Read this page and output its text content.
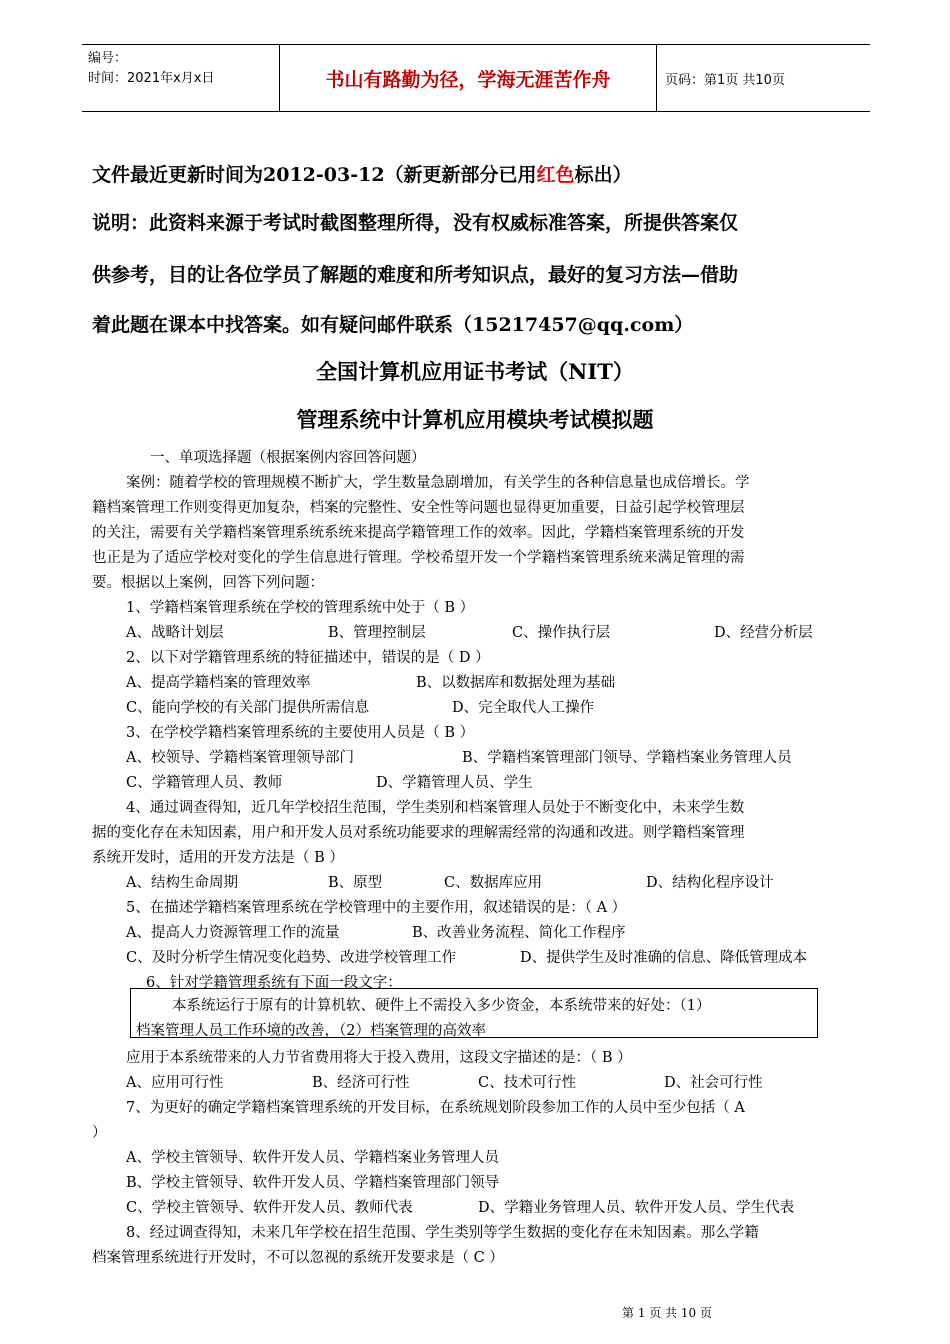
编号：
时间：2021年x月x日	书山有路勤为径，学海无涯苦作舟	页码：第1页 共10页
文件最近更新时间为2012-03-12（新更新部分已用红色标出）
说明：此资料来源于考试时截图整理所得，没有权威标准答案，所提供答案仅
供参考，目的让各位学员了解题的难度和所考知识点，最好的复习方法—借助
着此题在课本中找答案。如有疑问邮件联系（15217457@qq.com）
全国计算机应用证书考试（NIT）
管理系统中计算机应用模块考试模拟题
一、单项选择题（根据案例内容回答问题）
案例：随着学校的管理规模不断扩大，学生数量急剧增加，有关学生的各种信息量也成倍增长。学
籍档案管理工作则变得更加复杂，档案的完整性、安全性等问题也显得更加重要，日益引起学校管理层
的关注，需要有关学籍档案管理系统系统来提高学籍管理工作的效率。因此，学籍档案管理系统的开发
也正是为了适应学校对变化的学生信息进行管理。学校希望开发一个学籍档案管理系统来满足管理的需
要。根据以上案例，回答下列问题：
1、学籍档案管理系统在学校的管理系统中处于（ B ）
A、战略计划层	B、管理控制层	C、操作执行层	D、经营分析层
2、以下对学籍管理系统的特征描述中，错误的是（ D ）
A、提高学籍档案的管理效率	B、以数据库和数据处理为基础
C、能向学校的有关部门提供所需信息	D、完全取代人工操作
3、在学校学籍档案管理系统的主要使用人员是（ B ）
A、校领导、学籍档案管理领导部门	B、学籍档案管理部门领导、学籍档案业务管理人员
C、学籍管理人员、教师	D、学籍管理人员、学生
4、通过调查得知，近几年学校招生范围，学生类别和档案管理人员处于不断变化中，未来学生数
据的变化存在未知因素，用户和开发人员对系统功能要求的理解需经常的沟通和改进。则学籍档案管理
系统开发时，适用的开发方法是（ B ）
A、结构生命周期	B、原型	C、数据库应用	D、结构化程序设计
5、在描述学籍档案管理系统在学校管理中的主要作用，叙述错误的是：（ A ）
A、提高人力资源管理工作的流量	B、改善业务流程、简化工作程序
C、及时分析学生情况变化趋势、改进学校管理工作	D、提供学生及时准确的信息、降低管理成本
6、针对学籍管理系统有下面一段文字：
本系统运行于原有的计算机软、硬件上不需投入多少资金，本系统带来的好处：（1）
档案管理人员工作环境的改善，（2）档案管理的高效率
应用于本系统带来的人力节省费用将大于投入费用，这段文字描述的是：（ B ）
A、应用可行性	B、经济可行性	C、技术可行性	D、社会可行性
7、为更好的确定学籍档案管理系统的开发目标，在系统规划阶段参加工作的人员中至少包括（ A
）
A、学校主管领导、软件开发人员、学籍档案业务管理人员
B、学校主管领导、软件开发人员、学籍档案管理部门领导
C、学校主管领导、软件开发人员、教师代表	D、学籍业务管理人员、软件开发人员、学生代表
8、经过调查得知，未来几年学校在招生范围、学生类别等学生数据的变化存在未知因素。那么学籍
档案管理系统进行开发时，不可以忽视的系统开发要求是（ C ）
第 1 页 共 10 页
